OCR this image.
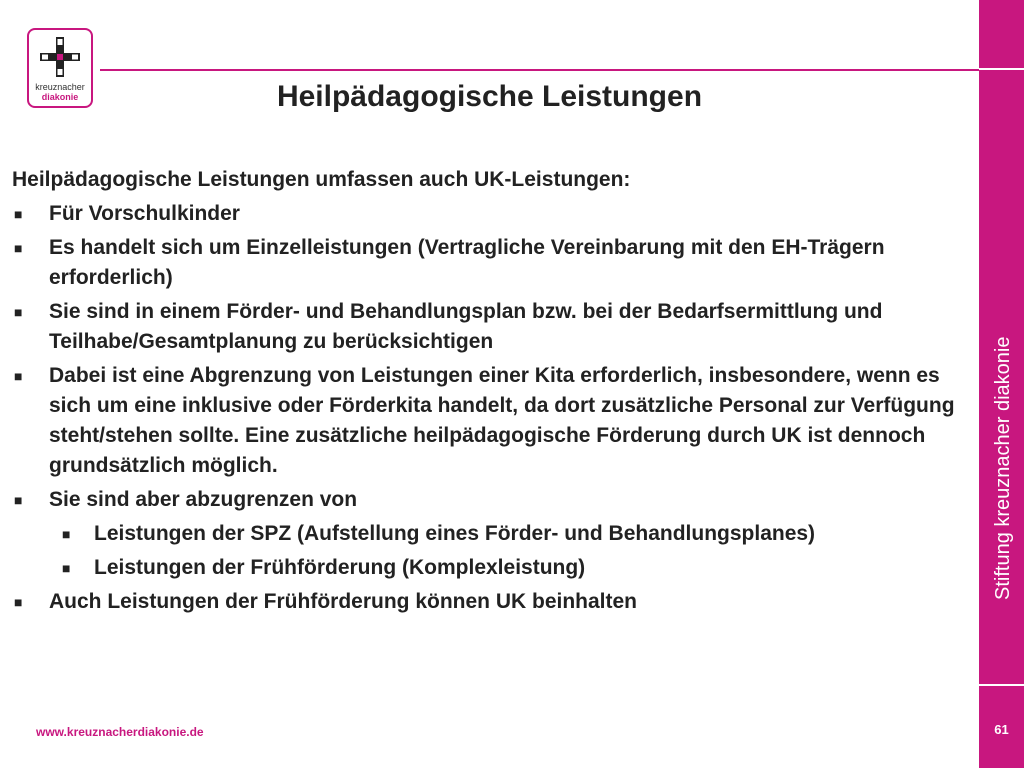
Stiftung kreuznacher diakonie
61
kreuznacher
diakonie	Heilpädagogische Leistungen

Heilpädagogische Leistungen umfassen auch UK-Leistungen:

■ Für Vorschulkinder
■ Es handelt sich um Einzelleistungen (Vertragliche Vereinbarung mit den EH-Trägern erforderlich)
■ Sie sind in einem Förder- und Behandlungsplan bzw. bei der Bedarfsermittlung und Teilhabe/Gesamtplanung zu berücksichtigen
■ Dabei ist eine Abgrenzung von Leistungen einer Kita erforderlich, insbesondere, wenn es sich um eine inklusive oder Förderkita handelt, da dort zusätzliche Personal zur Verfügung steht/stehen sollte. Eine zusätzliche heilpädagogische Förderung durch UK ist dennoch grundsätzlich möglich.
■ Sie sind aber abzugrenzen von
■ Leistungen der SPZ (Aufstellung eines Förder- und Behandlungsplanes)
■ Leistungen der Frühförderung (Komplexleistung)
■ Auch Leistungen der Frühförderung können UK beinhalten
www.kreuznacherdiakonie.de
